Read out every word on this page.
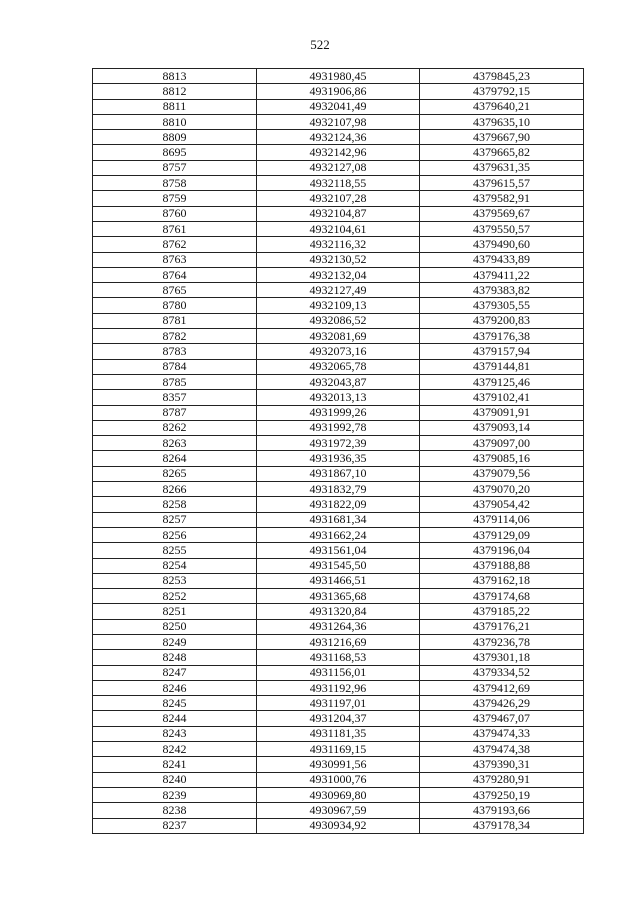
522
8813	4931980,45	4379845,23
8812	4931906,86	4379792,15
8811	4932041,49	4379640,21
8810	4932107,98	4379635,10
8809	4932124,36	4379667,90
8695	4932142,96	4379665,82
8757	4932127,08	4379631,35
8758	4932118,55	4379615,57
8759	4932107,28	4379582,91
8760	4932104,87	4379569,67
8761	4932104,61	4379550,57
8762	4932116,32	4379490,60
8763	4932130,52	4379433,89
8764	4932132,04	4379411,22
8765	4932127,49	4379383,82
8780	4932109,13	4379305,55
8781	4932086,52	4379200,83
8782	4932081,69	4379176,38
8783	4932073,16	4379157,94
8784	4932065,78	4379144,81
8785	4932043,87	4379125,46
8357	4932013,13	4379102,41
8787	4931999,26	4379091,91
8262	4931992,78	4379093,14
8263	4931972,39	4379097,00
8264	4931936,35	4379085,16
8265	4931867,10	4379079,56
8266	4931832,79	4379070,20
8258	4931822,09	4379054,42
8257	4931681,34	4379114,06
8256	4931662,24	4379129,09
8255	4931561,04	4379196,04
8254	4931545,50	4379188,88
8253	4931466,51	4379162,18
8252	4931365,68	4379174,68
8251	4931320,84	4379185,22
8250	4931264,36	4379176,21
8249	4931216,69	4379236,78
8248	4931168,53	4379301,18
8247	4931156,01	4379334,52
8246	4931192,96	4379412,69
8245	4931197,01	4379426,29
8244	4931204,37	4379467,07
8243	4931181,35	4379474,33
8242	4931169,15	4379474,38
8241	4930991,56	4379390,31
8240	4931000,76	4379280,91
8239	4930969,80	4379250,19
8238	4930967,59	4379193,66
8237	4930934,92	4379178,34
